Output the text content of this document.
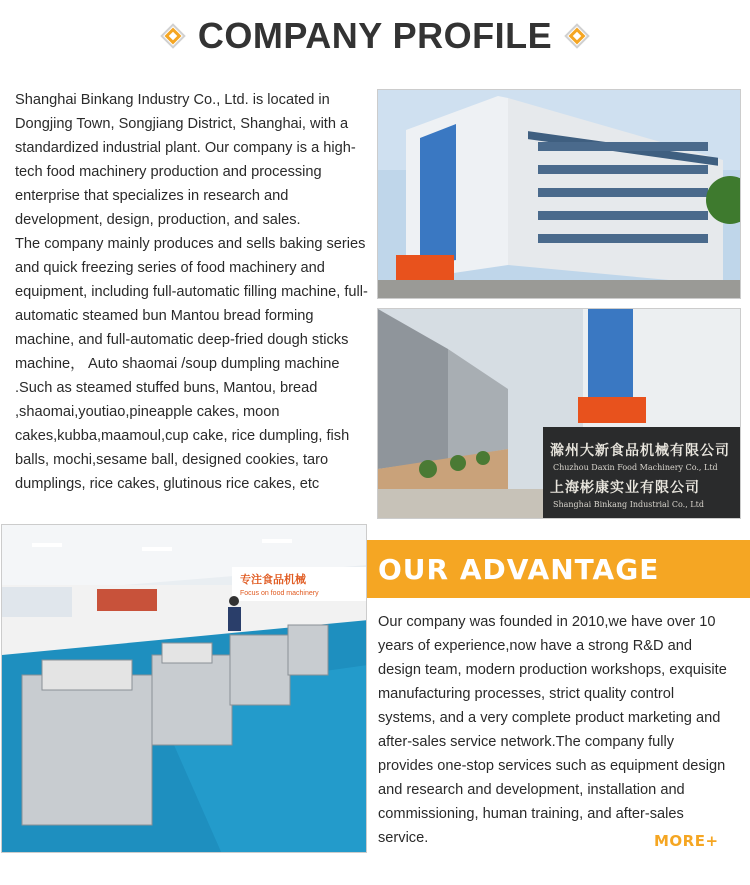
COMPANY PROFILE

Shanghai Binkang Industry Co., Ltd. is located in Dongjing Town, Songjiang District, Shanghai, with a standardized industrial plant. Our company is a high-tech food machinery production and processing enterprise that specializes in research and development, design, production, and sales.

The company mainly produces and sells baking series and quick freezing series of food machinery and equipment, including full-automatic filling machine, full-automatic steamed bun Mantou bread forming machine, and full-automatic deep-fried dough sticks machine， Auto shaomai /soup dumpling machine .Such as steamed stuffed buns, Mantou, bread ,shaomai,youtiao,pineapple cakes, moon cakes,kubba,maamoul,cup cake, rice dumpling, fish balls, mochi,sesame ball, designed cookies, taro dumplings, rice cakes, glutinous rice cakes, etc

滁州大新食品机械有限公司
Chuzhou Daxin Food Machinery Co., Ltd
上海彬康实业有限公司
Shanghai Binkang Industrial Co., Ltd
专注食品机械
Focus on food machinery
OUR ADVANTAGE

Our company was founded in 2010,we have over 10 years of experience,now have a strong R&D and design team, modern production workshops, exquisite manufacturing processes, strict quality control systems, and a very complete product marketing and after-sales service network.The company fully provides one-stop services such as equipment design and research and development, installation and commissioning, human training, and after-sales service.	MORE+
